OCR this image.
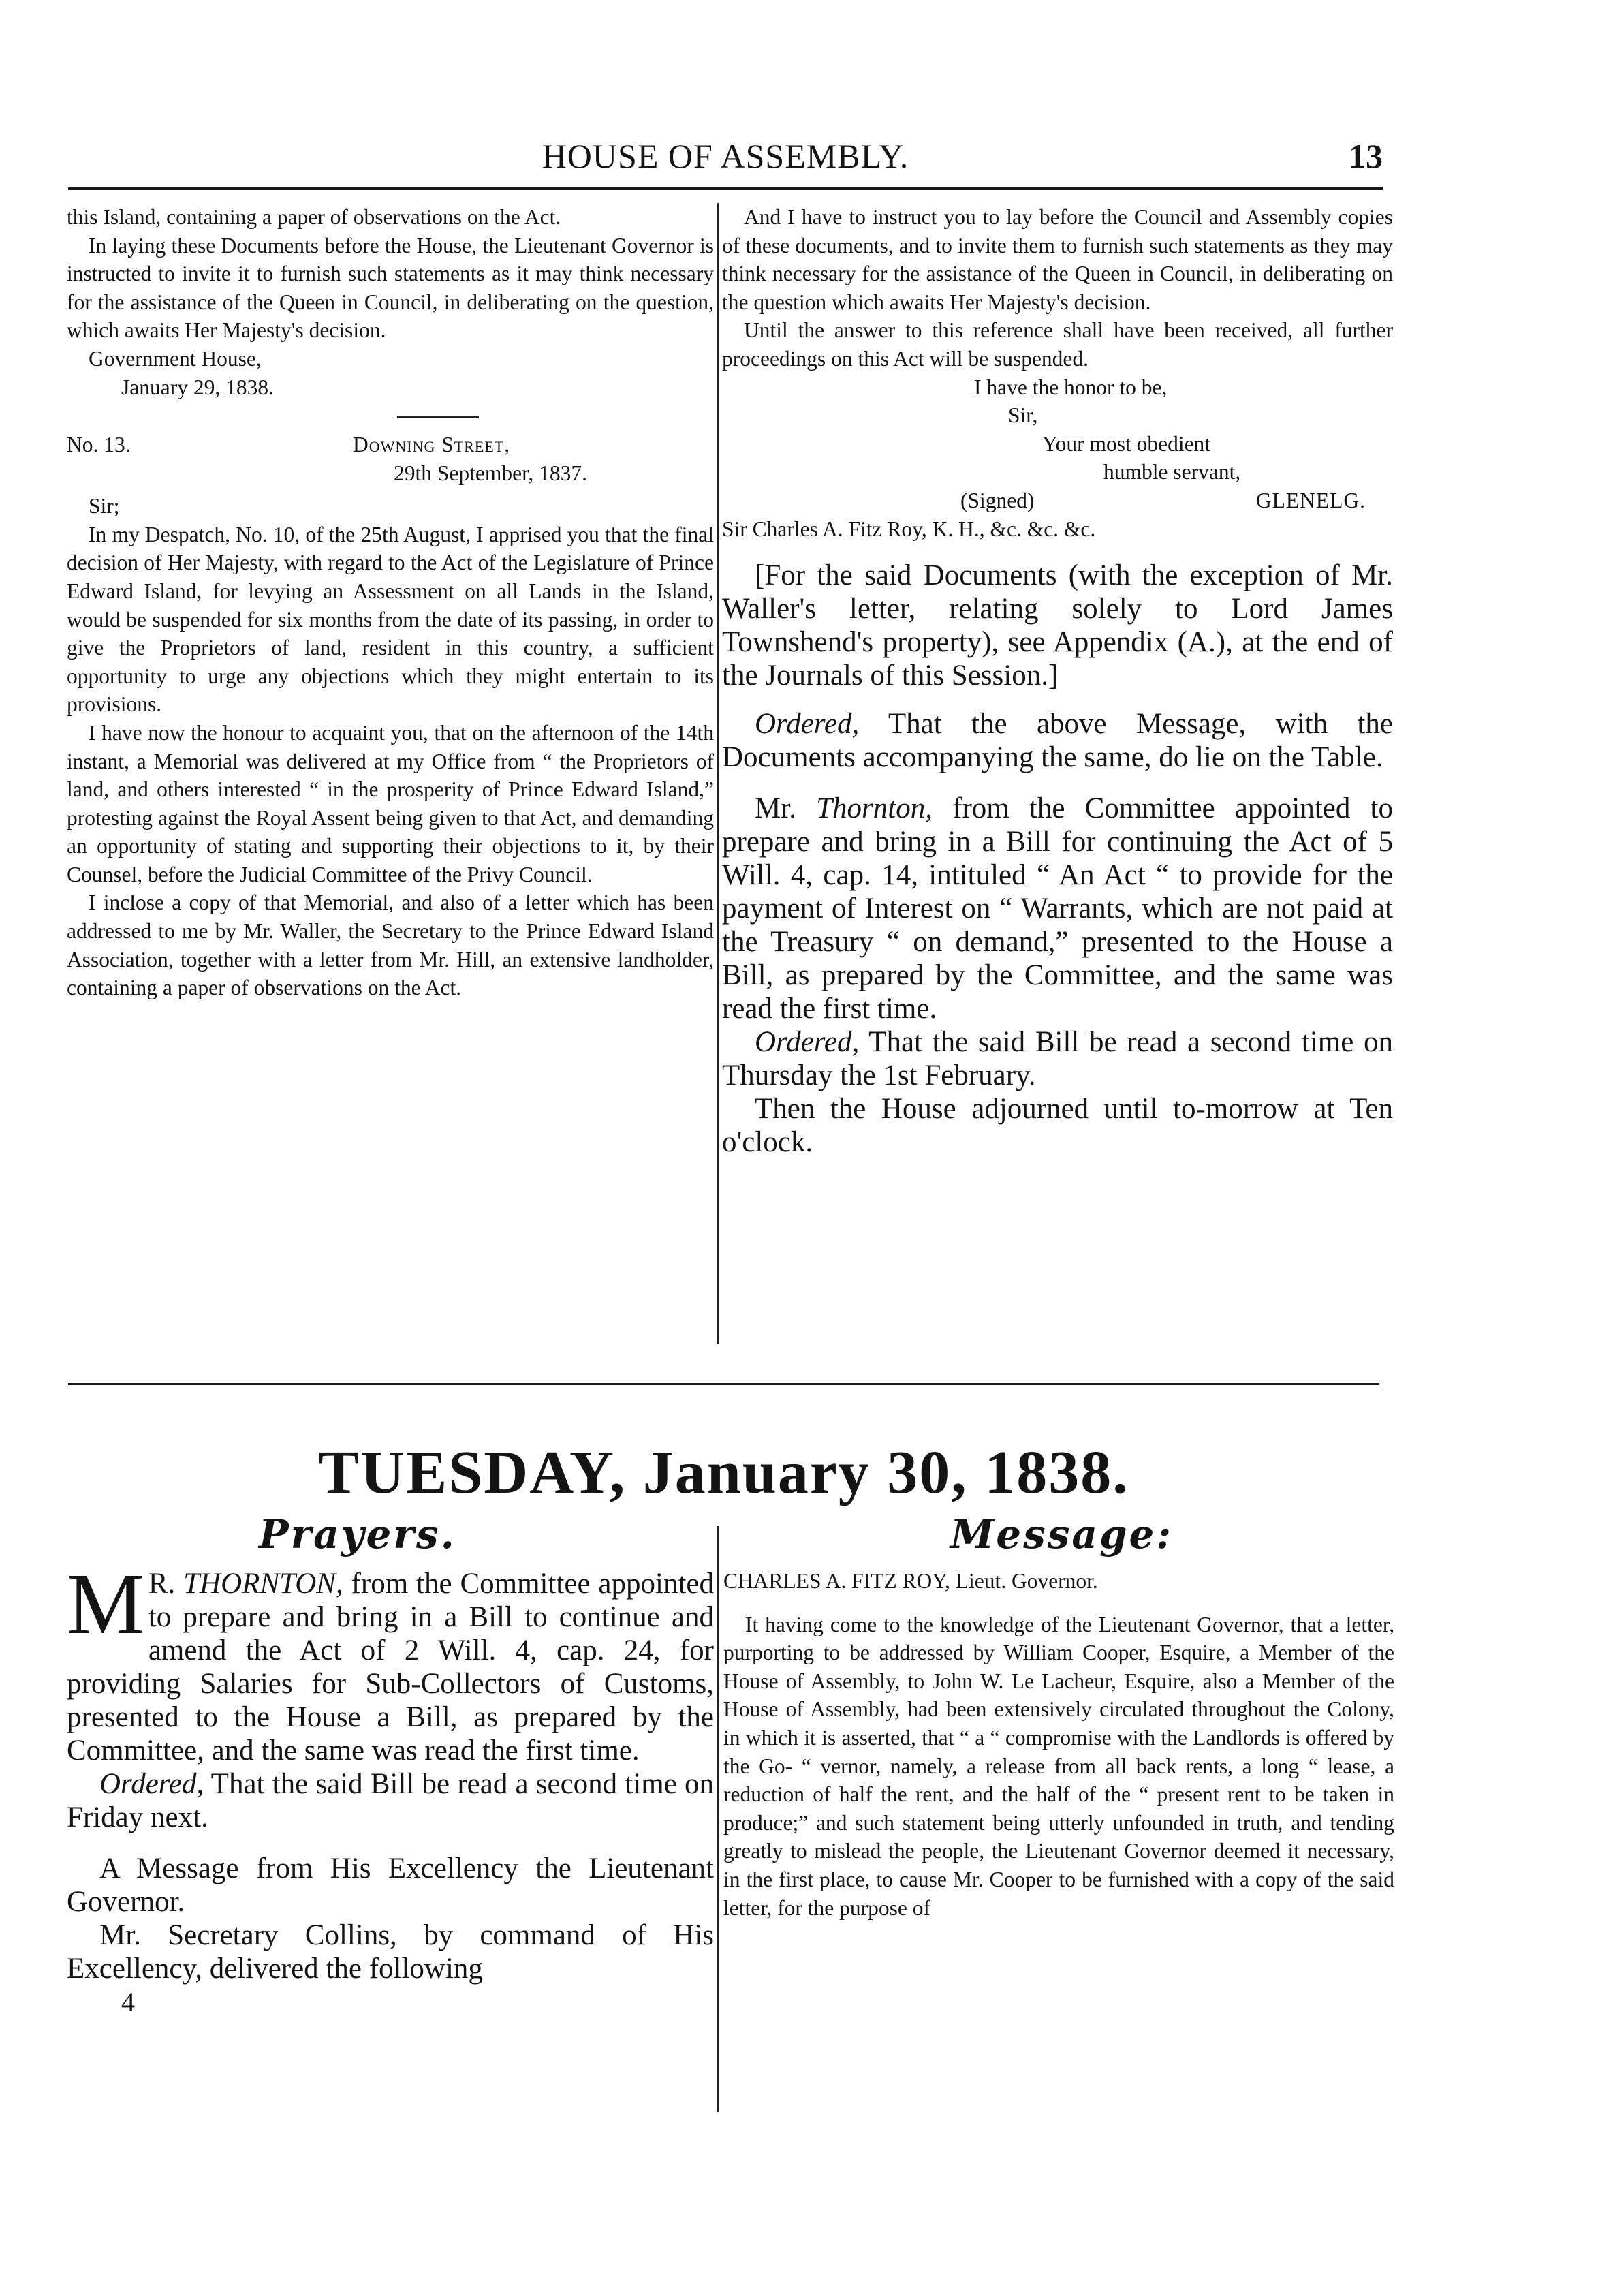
HOUSE OF ASSEMBLY.	13

this Island, containing a paper of observations on the Act.

In laying these Documents before the House, the Lieutenant Governor is instructed to invite it to furnish such statements as it may think necessary for the assistance of the Queen in Council, in deliberating on the question, which awaits Her Majesty's decision.

Government House,
January 29, 1838.
No. 13.	Downing Street,
29th September, 1837.
Sir;

In my Despatch, No. 10, of the 25th August, I apprised you that the final decision of Her Majesty, with regard to the Act of the Legislature of Prince Edward Island, for levying an Assessment on all Lands in the Island, would be suspended for six months from the date of its passing, in order to give the Proprietors of land, resident in this country, a sufficient opportunity to urge any objections which they might entertain to its provisions.

I have now the honour to acquaint you, that on the afternoon of the 14th instant, a Memorial was delivered at my Office from “ the Proprietors of land, and others interested “ in the prosperity of Prince Edward Island,” protesting against the Royal Assent being given to that Act, and demanding an opportunity of stating and supporting their objections to it, by their Counsel, before the Judicial Committee of the Privy Council.

I inclose a copy of that Memorial, and also of a letter which has been addressed to me by Mr. Waller, the Secretary to the Prince Edward Island Association, together with a letter from Mr. Hill, an extensive landholder, containing a paper of observations on the Act.

And I have to instruct you to lay before the Council and Assembly copies of these documents, and to invite them to furnish such statements as they may think necessary for the assistance of the Queen in Council, in deliberating on the question which awaits Her Majesty's decision.

Until the answer to this reference shall have been received, all further proceedings on this Act will be suspended.

I have the honor to be,

Sir,

Your most obedient

humble servant,

(Signed)	GLENELG.

Sir Charles A. Fitz Roy, K. H., &c. &c. &c.

[For the said Documents (with the exception of Mr. Waller's letter, relating solely to Lord James Townshend's property), see Appendix (A.), at the end of the Journals of this Session.]

Ordered, That the above Message, with the Documents accompanying the same, do lie on the Table.

Mr. Thornton, from the Committee appointed to prepare and bring in a Bill for continuing the Act of 5 Will. 4, cap. 14, intituled “ An Act “ to provide for the payment of Interest on “ Warrants, which are not paid at the Treasury “ on demand,” presented to the House a Bill, as prepared by the Committee, and the same was read the first time.

Ordered, That the said Bill be read a second time on Thursday the 1st February.

Then the House adjourned until to-morrow at Ten o'clock.

TUESDAY, January 30, 1838.
Prayers.	Message:

M R. THORNTON, from the Committee appointed to prepare and bring in a Bill to continue and amend the Act of 2 Will. 4, cap. 24, for providing Salaries for Sub-Collectors of Customs, presented to the House a Bill, as prepared by the Committee, and the same was read the first time.

Ordered, That the said Bill be read a second time on Friday next.

A Message from His Excellency the Lieutenant Governor.

Mr. Secretary Collins, by command of His Excellency, delivered the following

4

CHARLES A. FITZ ROY, Lieut. Governor.

It having come to the knowledge of the Lieutenant Governor, that a letter, purporting to be addressed by William Cooper, Esquire, a Member of the House of Assembly, to John W. Le Lacheur, Esquire, also a Member of the House of Assembly, had been extensively circulated throughout the Colony, in which it is asserted, that “ a “ compromise with the Landlords is offered by the Go- “ vernor, namely, a release from all back rents, a long “ lease, a reduction of half the rent, and the half of the “ present rent to be taken in produce;” and such statement being utterly unfounded in truth, and tending greatly to mislead the people, the Lieutenant Governor deemed it necessary, in the first place, to cause Mr. Cooper to be furnished with a copy of the said letter, for the purpose of
